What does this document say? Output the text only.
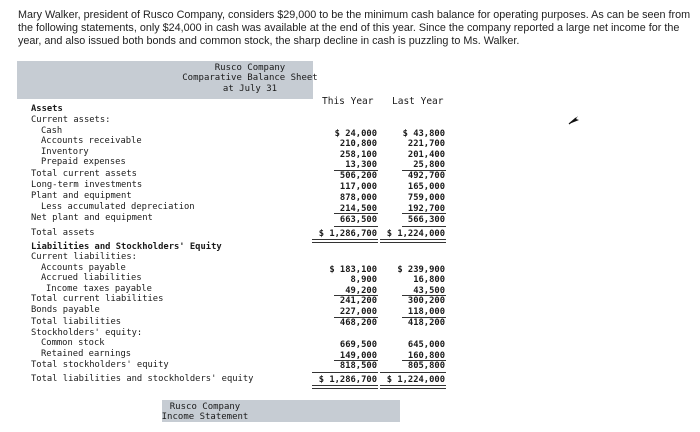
Mary Walker, president of Rusco Company, considers $29,000 to be the minimum cash balance for operating purposes. As can be seen from the following statements, only $24,000 in cash was available at the end of this year. Since the company reported a large net income for the year, and also issued both bonds and common stock, the sharp decline in cash is puzzling to Ms. Walker.
Rusco Company
Comparative Balance Sheet
at July 31
This Year Last Year
Assets
Current assets:
Cash
Accounts receivable
Inventory
Prepaid expenses
Total current assets
Long-term investments
Plant and equipment
Less accumulated depreciation
Net plant and equipment
Total assets
Liabilities and Stockholders' Equity
Current liabilities:
Accounts payable
Accrued liabilities
Income taxes payable
Total current liabilities
Bonds payable
Total liabilities
Stockholders' equity:
Common stock
Retained earnings
Total stockholders' equity
Total liabilities and stockholders' equity
$ 24,000
210,800
258,100
13,300
506,200
117,000
878,000
214,500
663,500
$ 1,286,700
$ 183,100
8,900
49,200
241,200
227,000
468,200
669,500
149,000
818,500
$ 1,286,700
$ 43,800
221,700
201,400
25,800
492,700
165,000
759,000
192,700
566,300
$ 1,224,000
$ 239,900
16,800
43,500
300,200
118,000
418,200
645,000
160,800
805,800
$ 1,224,000
Rusco Company
Income Statement
